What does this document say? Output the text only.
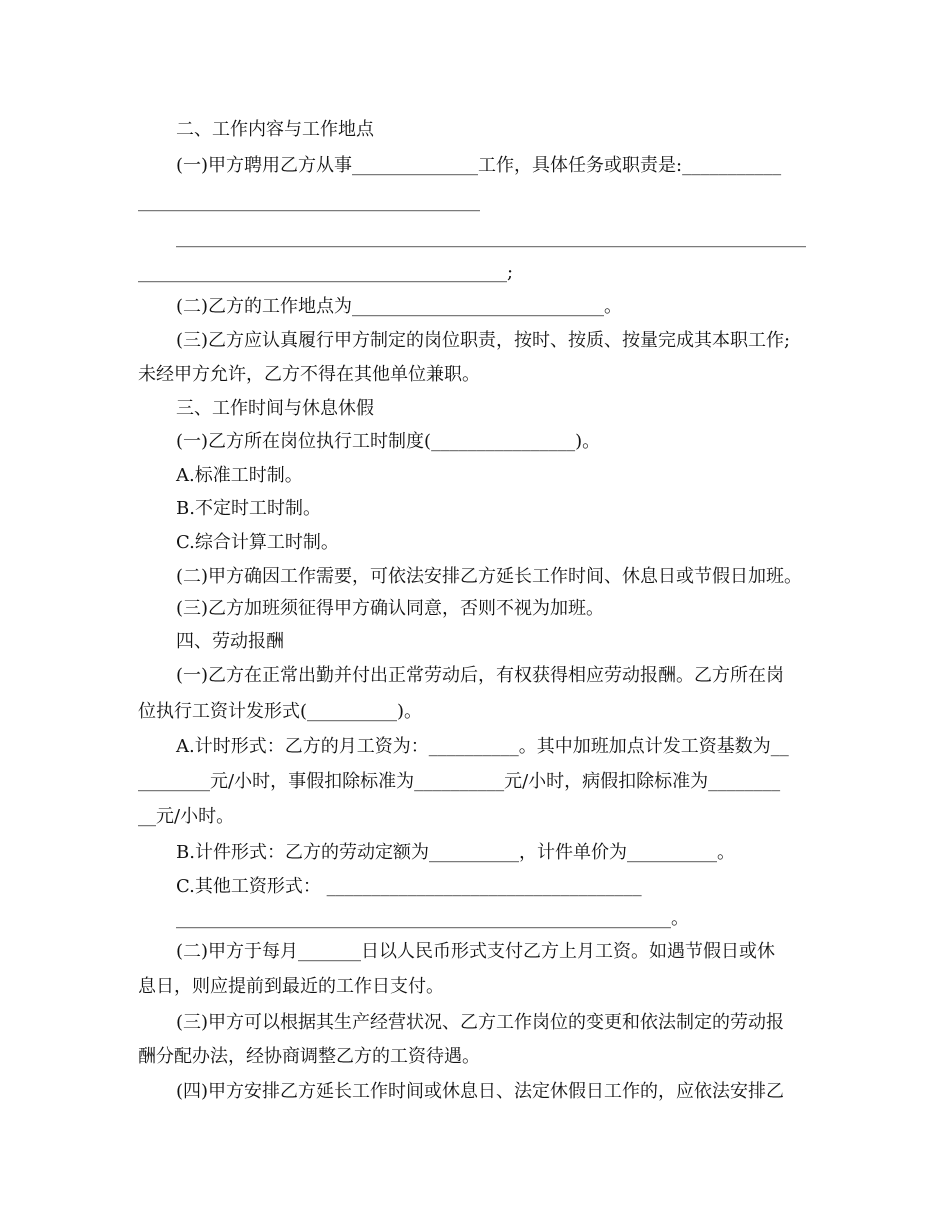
二、工作内容与工作地点
(一)甲方聘用乙方从事______________工作，具体任务或职责是:___________
______________________________________
______________________________________________________________________
_________________________________________;
(二)乙方的工作地点为____________________________。
(三)乙方应认真履行甲方制定的岗位职责，按时、按质、按量完成其本职工作;
未经甲方允许，乙方不得在其他单位兼职。
三、工作时间与休息休假
(一)乙方所在岗位执行工时制度(________________)。
A.标准工时制。
B.不定时工时制。
C.综合计算工时制。
(二)甲方确因工作需要，可依法安排乙方延长工作时间、休息日或节假日加班。
(三)乙方加班须征得甲方确认同意，否则不视为加班。
四、劳动报酬
(一)乙方在正常出勤并付出正常劳动后，有权获得相应劳动报酬。乙方所在岗
位执行工资计发形式(__________)。
A.计时形式：乙方的月工资为：__________。其中加班加点计发工资基数为__
________元/小时，事假扣除标准为__________元/小时，病假扣除标准为________
__元/小时。
B.计件形式：乙方的劳动定额为__________，计件单价为__________。
C.其他工资形式： ___________________________________
_______________________________________________________。
(二)甲方于每月_______日以人民币形式支付乙方上月工资。如遇节假日或休
息日，则应提前到最近的工作日支付。
(三)甲方可以根据其生产经营状况、乙方工作岗位的变更和依法制定的劳动报
酬分配办法，经协商调整乙方的工资待遇。
(四)甲方安排乙方延长工作时间或休息日、法定休假日工作的，应依法安排乙
